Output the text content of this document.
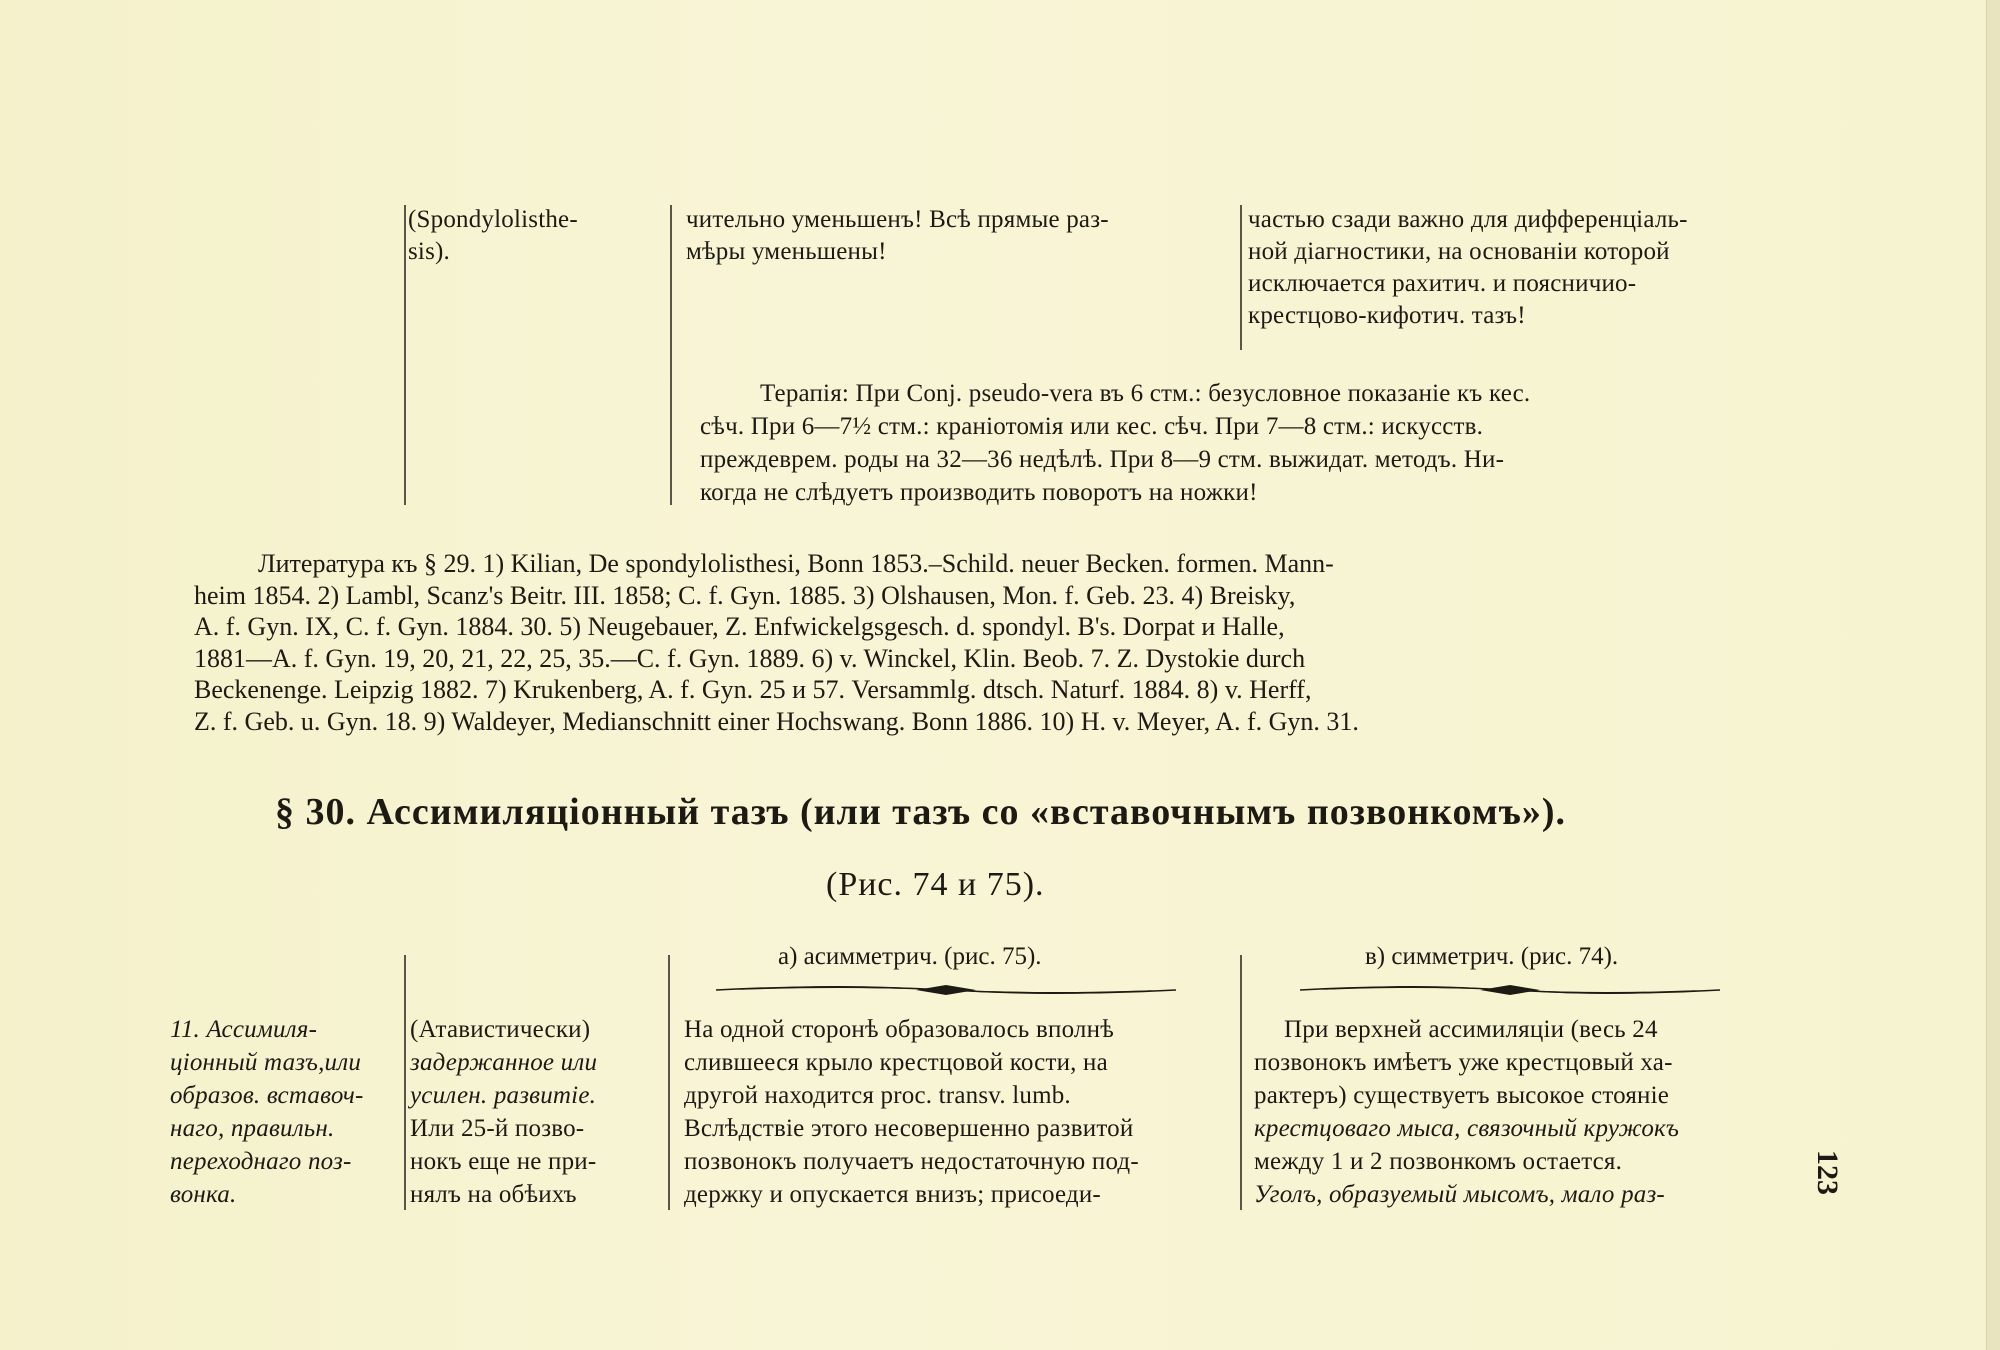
(Spondylolisthe-
sis).
чительно уменьшенъ! Всѣ прямые раз-
мѣры уменьшены!
частью сзади важно для дифференціаль-
ной діагностики, на основаніи которой
исключается рахитич. и поясничио-
крестцово-кифотич. тазъ!
Терапія: При Conj. pseudo-vera въ 6 стм.: безусловное показаніе къ кес.
сѣч. При 6—7½ стм.: краніотомія или кес. сѣч. При 7—8 стм.: искусств.
преждеврем. роды на 32—36 недѣлѣ. При 8—9 стм. выжидат. методъ. Ни-
когда не слѣдуетъ производить поворотъ на ножки!
Литература къ § 29. 1) Kilian, De spondylolisthesi, Bonn 1853.–Schild. neuer Becken. formen. Mann-
heim 1854. 2) Lambl, Scanz's Beitr. III. 1858; C. f. Gyn. 1885. 3) Olshausen, Mon. f. Geb. 23. 4) Breisky,
A. f. Gyn. IX, C. f. Gyn. 1884. 30. 5) Neugebauer, Z. Enfwickelgsgesch. d. spondyl. B's. Dorpat и Halle,
1881—A. f. Gyn. 19, 20, 21, 22, 25, 35.—C. f. Gyn. 1889. 6) v. Winckel, Klin. Beob. 7. Z. Dystokie durch
Beckenenge. Leipzig 1882. 7) Krukenberg, A. f. Gyn. 25 и 57. Versammlg. dtsch. Naturf. 1884. 8) v. Herff,
Z. f. Geb. u. Gyn. 18. 9) Waldeyer, Medianschnitt einer Hochswang. Bonn 1886. 10) H. v. Meyer, A. f. Gyn. 31.
§ 30. Ассимиляціонный тазъ (или тазъ со «вставочнымъ позвонкомъ»).
(Рис. 74 и 75).
а) асимметрич. (рис. 75).	в) симметрич. (рис. 74).
11. Ассимиля-
ціонный тазъ,или
образов. вставоч-
наго, правильн.
переходнаго поз-
вонка.
(Атавистически)
задержанное или
усилен. развитіе.
Или 25-й позво-
нокъ еще не при-
нялъ на обѣихъ
На одной сторонѣ образовалось вполнѣ
слившееся крыло крестцовой кости, на
другой находится proc. transv. lumb.
Вслѣдствіе этого несовершенно развитой
позвонокъ получаетъ недостаточную под-
держку и опускается внизъ; присоеди-
При верхней ассимиляціи (весь 24
позвонокъ имѣетъ уже крестцовый ха-
рактеръ) существуетъ высокое стояніе
крестцоваго мыса, связочный кружокъ
между 1 и 2 позвонкомъ остается.
Уголъ, образуемый мысомъ, мало раз-	123
